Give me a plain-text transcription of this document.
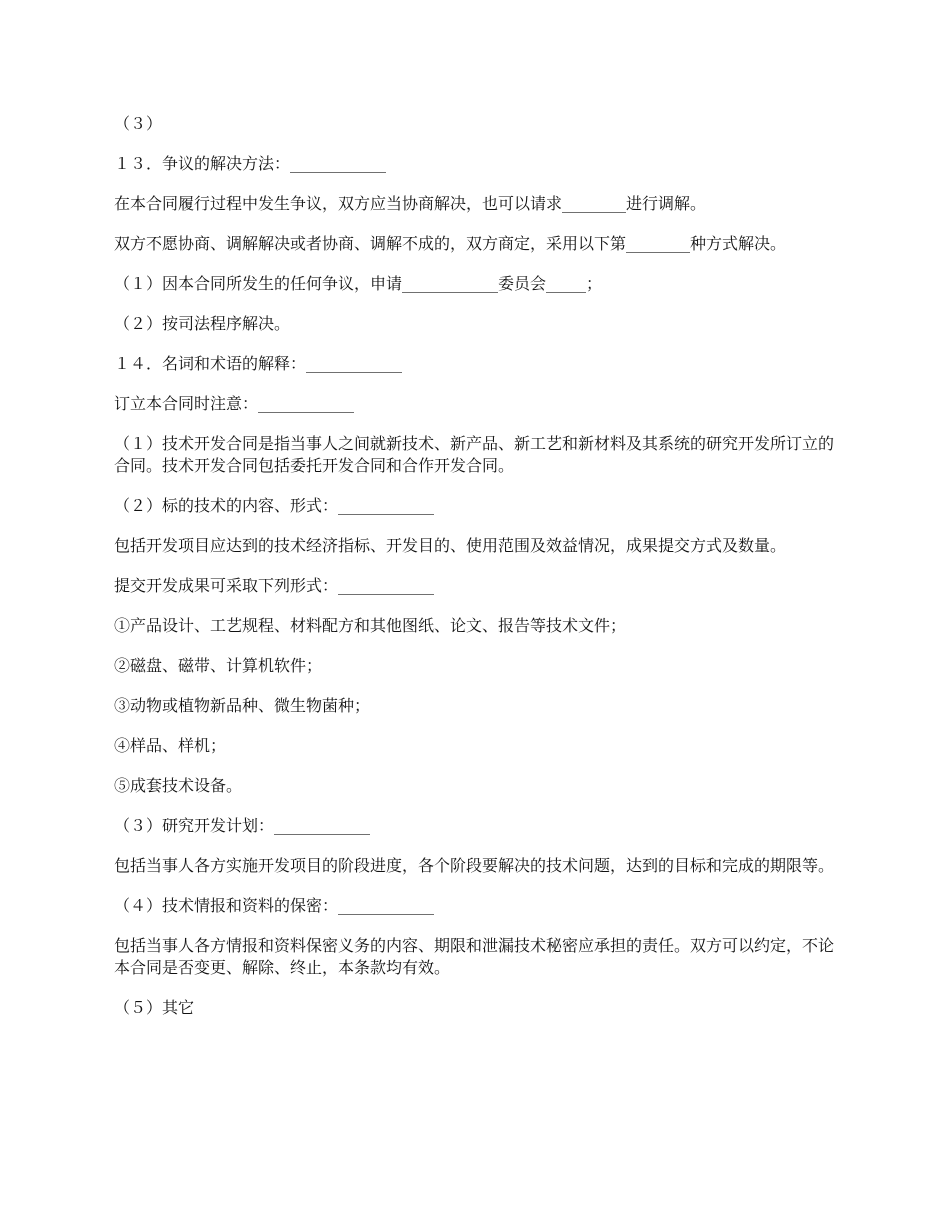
（３）

１３．争议的解决方法：____________

在本合同履行过程中发生争议，双方应当协商解决，也可以请求________进行调解。

双方不愿协商、调解解决或者协商、调解不成的，双方商定，采用以下第________种方式解决。

（１）因本合同所发生的任何争议，申请____________委员会_____；

（２）按司法程序解决。

１４．名词和术语的解释：____________

订立本合同时注意：____________

（１）技术开发合同是指当事人之间就新技术、新产品、新工艺和新材料及其系统的研究开发所订立的合同。技术开发合同包括委托开发合同和合作开发合同。

（２）标的技术的内容、形式：____________

包括开发项目应达到的技术经济指标、开发目的、使用范围及效益情况，成果提交方式及数量。

提交开发成果可采取下列形式：____________

①产品设计、工艺规程、材料配方和其他图纸、论文、报告等技术文件；

②磁盘、磁带、计算机软件；

③动物或植物新品种、微生物菌种；

④样品、样机；

⑤成套技术设备。

（３）研究开发计划：____________

包括当事人各方实施开发项目的阶段进度，各个阶段要解决的技术问题，达到的目标和完成的期限等。

（４）技术情报和资料的保密：____________

包括当事人各方情报和资料保密义务的内容、期限和泄漏技术秘密应承担的责任。双方可以约定，不论本合同是否变更、解除、终止，本条款均有效。

（５）其它
